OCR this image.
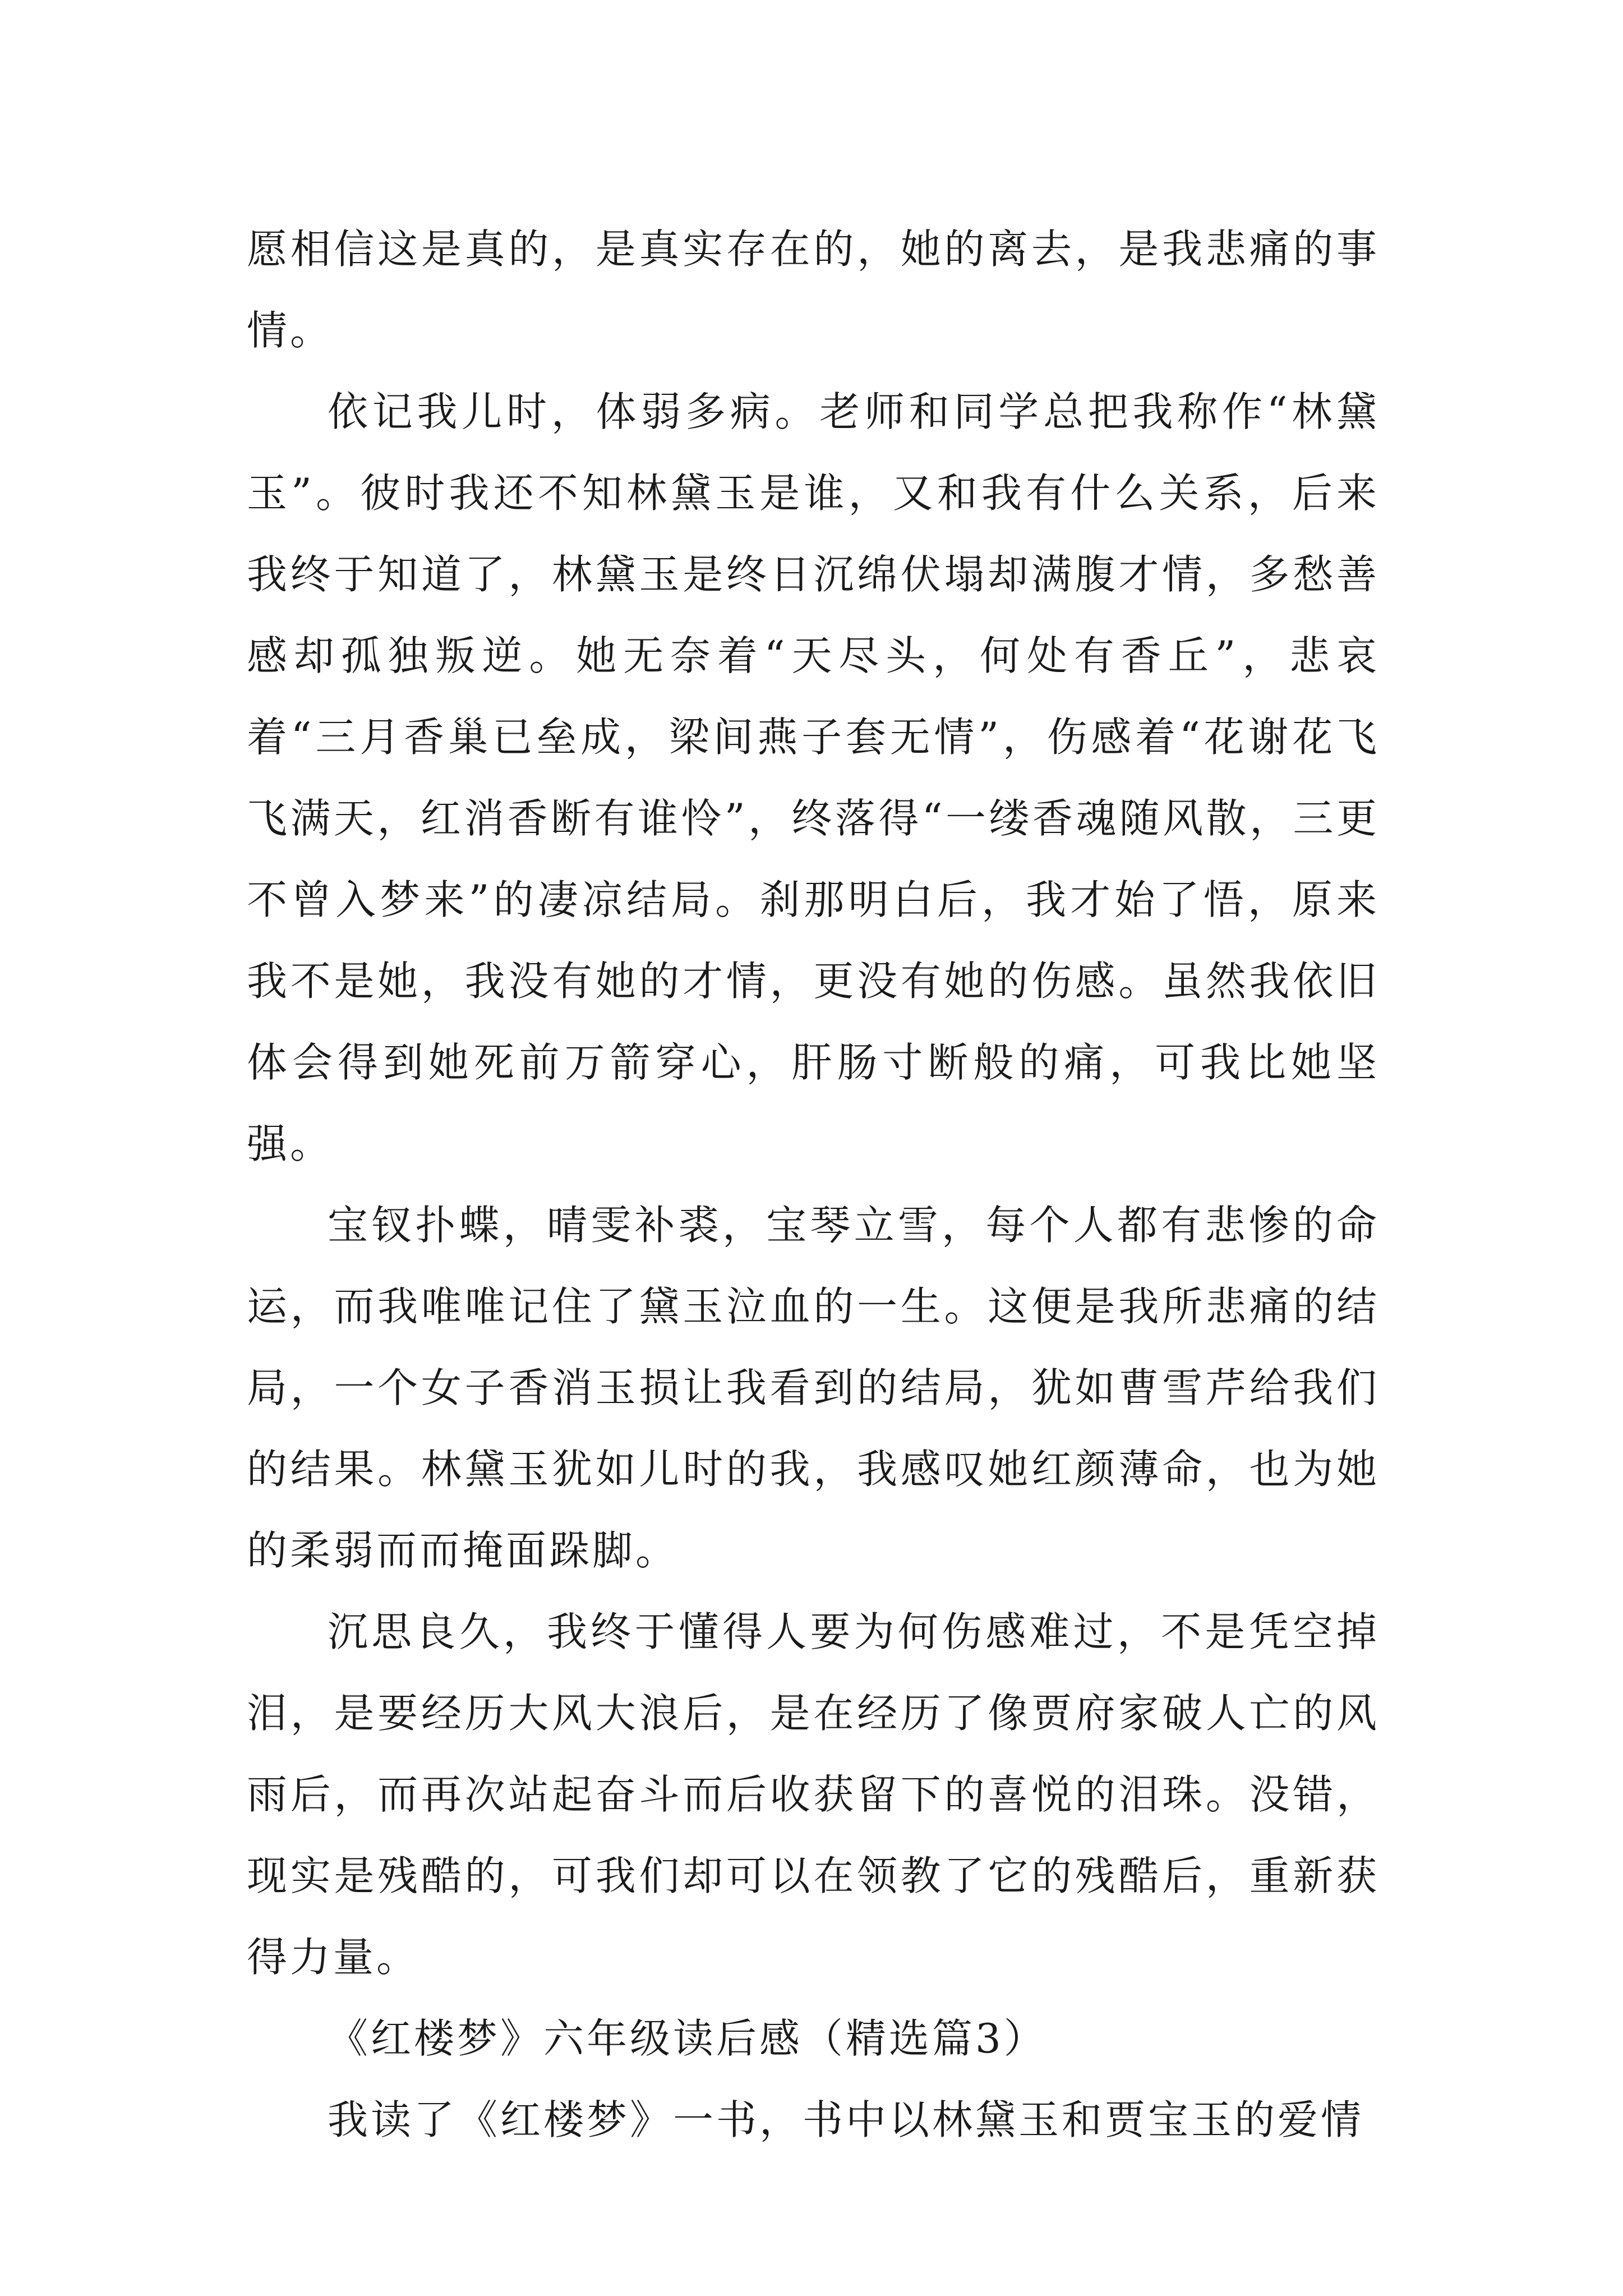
愿相信这是真的，是真实存在的，她的离去，是我悲痛的事情。

依记我儿时，体弱多病。老师和同学总把我称作“林黛玉”。彼时我还不知林黛玉是谁，又和我有什么关系，后来我终于知道了，林黛玉是终日沉绵伏塌却满腹才情，多愁善感却孤独叛逆。她无奈着“天尽头，何处有香丘”，悲哀着“三月香巢已垒成，梁间燕子套无情”，伤感着“花谢花飞飞满天，红消香断有谁怜”，终落得“一缕香魂随风散，三更不曾入梦来”的凄凉结局。刹那明白后，我才始了悟，原来我不是她，我没有她的才情，更没有她的伤感。虽然我依旧体会得到她死前万箭穿心，肝肠寸断般的痛，可我比她坚强。

宝钗扑蝶，晴雯补裘，宝琴立雪，每个人都有悲惨的命运，而我唯唯记住了黛玉泣血的一生。这便是我所悲痛的结局，一个女子香消玉损让我看到的结局，犹如曹雪芹给我们的结果。林黛玉犹如儿时的我，我感叹她红颜薄命，也为她的柔弱而而掩面跺脚。

沉思良久，我终于懂得人要为何伤感难过，不是凭空掉泪，是要经历大风大浪后，是在经历了像贾府家破人亡的风雨后，而再次站起奋斗而后收获留下的喜悦的泪珠。没错，现实是残酷的，可我们却可以在领教了它的残酷后，重新获得力量。

《红楼梦》六年级读后感（精选篇3）

我读了《红楼梦》一书，书中以林黛玉和贾宝玉的爱情
